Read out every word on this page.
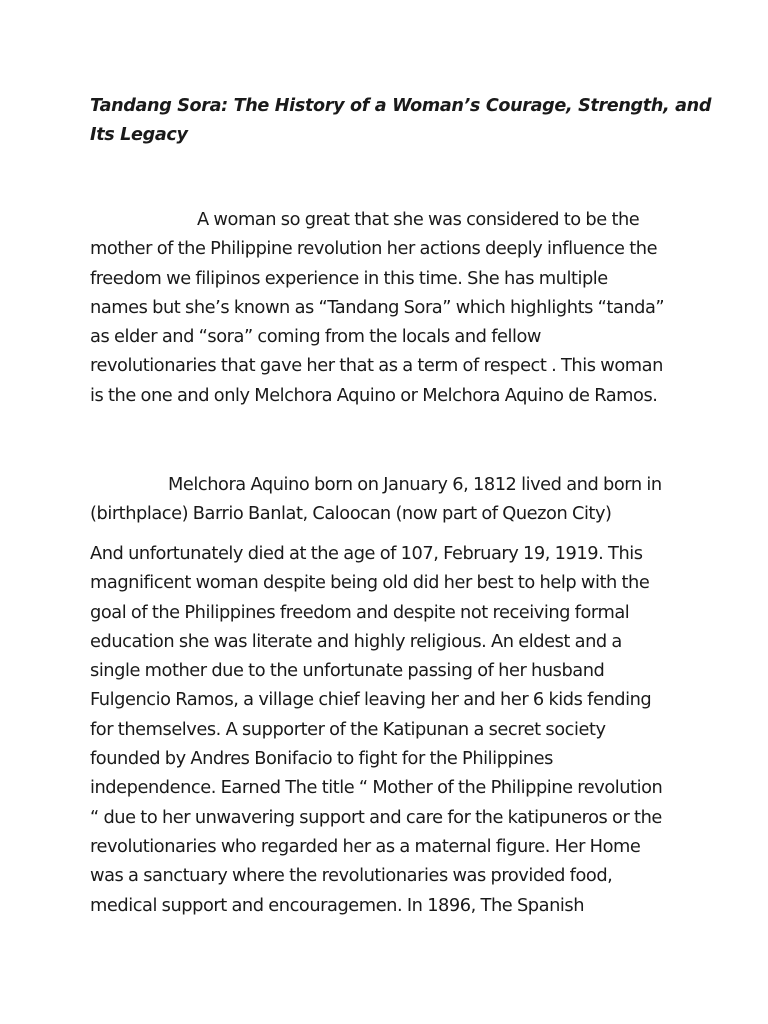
Tandang Sora: The History of a Woman’s Courage, Strength, and
Its Legacy

A woman so great that she was considered to be the
mother of the Philippine revolution her actions deeply influence the
freedom we filipinos experience in this time. She has multiple
names but she’s known as “Tandang Sora” which highlights “tanda”
as elder and “sora” coming from the locals and fellow
revolutionaries that gave her that as a term of respect . This woman
is the one and only Melchora Aquino or Melchora Aquino de Ramos.

Melchora Aquino born on January 6, 1812 lived and born in
(birthplace) Barrio Banlat, Caloocan (now part of Quezon City)

And unfortunately died at the age of 107, February 19, 1919. This
magnificent woman despite being old did her best to help with the
goal of the Philippines freedom and despite not receiving formal
education she was literate and highly religious. An eldest and a
single mother due to the unfortunate passing of her husband
Fulgencio Ramos, a village chief leaving her and her 6 kids fending
for themselves. A supporter of the Katipunan a secret society
founded by Andres Bonifacio to fight for the Philippines
independence. Earned The title “ Mother of the Philippine revolution
“ due to her unwavering support and care for the katipuneros or the
revolutionaries who regarded her as a maternal figure. Her Home
was a sanctuary where the revolutionaries was provided food,
medical support and encouragemen. In 1896, The Spanish
